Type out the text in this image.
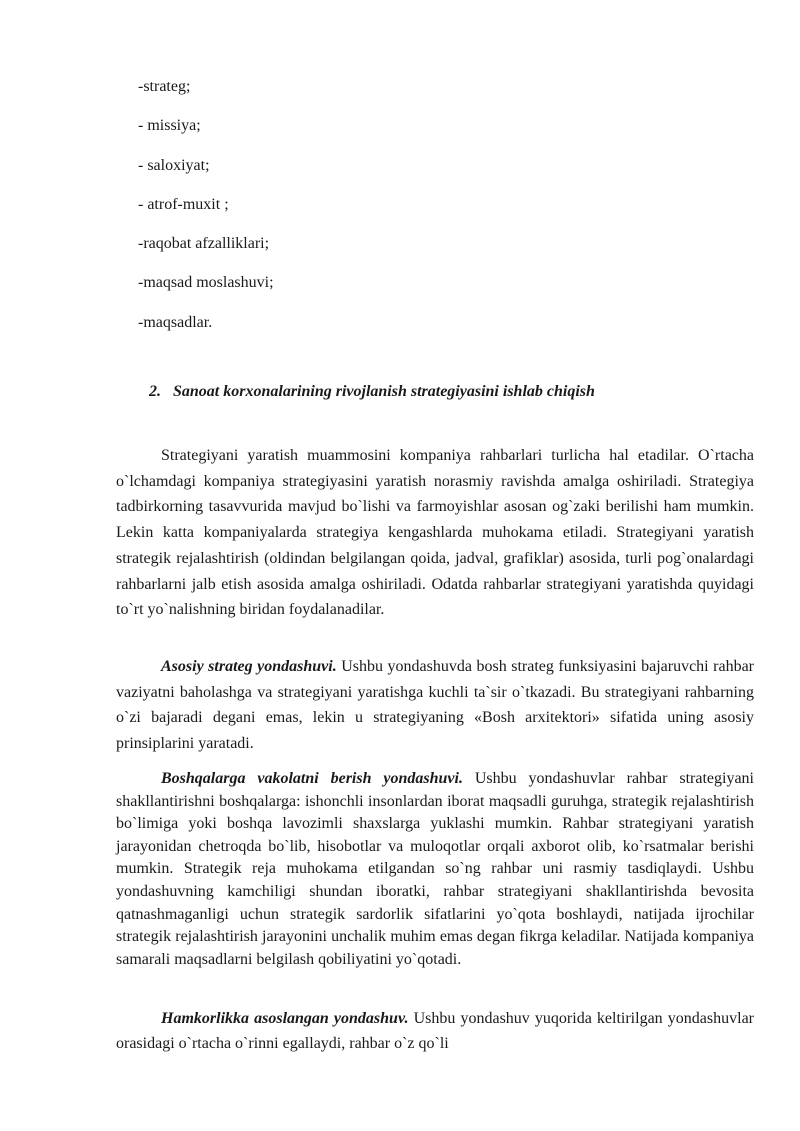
-strateg;
- missiya;
- saloxiyat;
- atrof-muxit ;
-raqobat afzalliklari;
-maqsad moslashuvi;
-maqsadlar.
2. Sanoat korxonalarining rivojlanish strategiyasini ishlab chiqish

Strategiyani yaratish muammosini kompaniya rahbarlari turlicha hal etadilar. O`rtacha o`lchamdagi kompaniya strategiyasini yaratish norasmiy ravishda amalga oshiriladi. Strategiya tadbirkorning tasavvurida mavjud bo`lishi va farmoyishlar asosan og`zaki berilishi ham mumkin. Lekin katta kompaniyalarda strategiya kengashlarda muhokama etiladi. Strategiyani yaratish strategik rejalashtirish (oldindan belgilangan qoida, jadval, grafiklar) asosida, turli pog`onalardagi rahbarlarni jalb etish asosida amalga oshiriladi. Odatda rahbarlar strategiyani yaratishda quyidagi to`rt yo`nalishning biridan foydalanadilar.

Asosiy strateg yondashuvi. Ushbu yondashuvda bosh strateg funksiyasini bajaruvchi rahbar vaziyatni baholashga va strategiyani yaratishga kuchli ta`sir o`tkazadi. Bu strategiyani rahbarning o`zi bajaradi degani emas, lekin u strategiyaning «Bosh arxitektori» sifatida uning asosiy prinsiplarini yaratadi.

Boshqalarga vakolatni berish yondashuvi. Ushbu yondashuvlar rahbar strategiyani shakllantirishni boshqalarga: ishonchli insonlardan iborat maqsadli guruhga, strategik rejalashtirish bo`limiga yoki boshqa lavozimli shaxslarga yuklashi mumkin. Rahbar strategiyani yaratish jarayonidan chetroqda bo`lib, hisobotlar va muloqotlar orqali axborot olib, ko`rsatmalar berishi mumkin. Strategik reja muhokama etilgandan so`ng rahbar uni rasmiy tasdiqlaydi. Ushbu yondashuvning kamchiligi shundan iboratki, rahbar strategiyani shakllantirishda bevosita qatnashmaganligi uchun strategik sardorlik sifatlarini yo`qota boshlaydi, natijada ijrochilar strategik rejalashtirish jarayonini unchalik muhim emas degan fikrga keladilar. Natijada kompaniya samarali maqsadlarni belgilash qobiliyatini yo`qotadi.

Hamkorlikka asoslangan yondashuv. Ushbu yondashuv yuqorida keltirilgan yondashuvlar orasidagi o`rtacha o`rinni egallaydi, rahbar o`z qo`li
